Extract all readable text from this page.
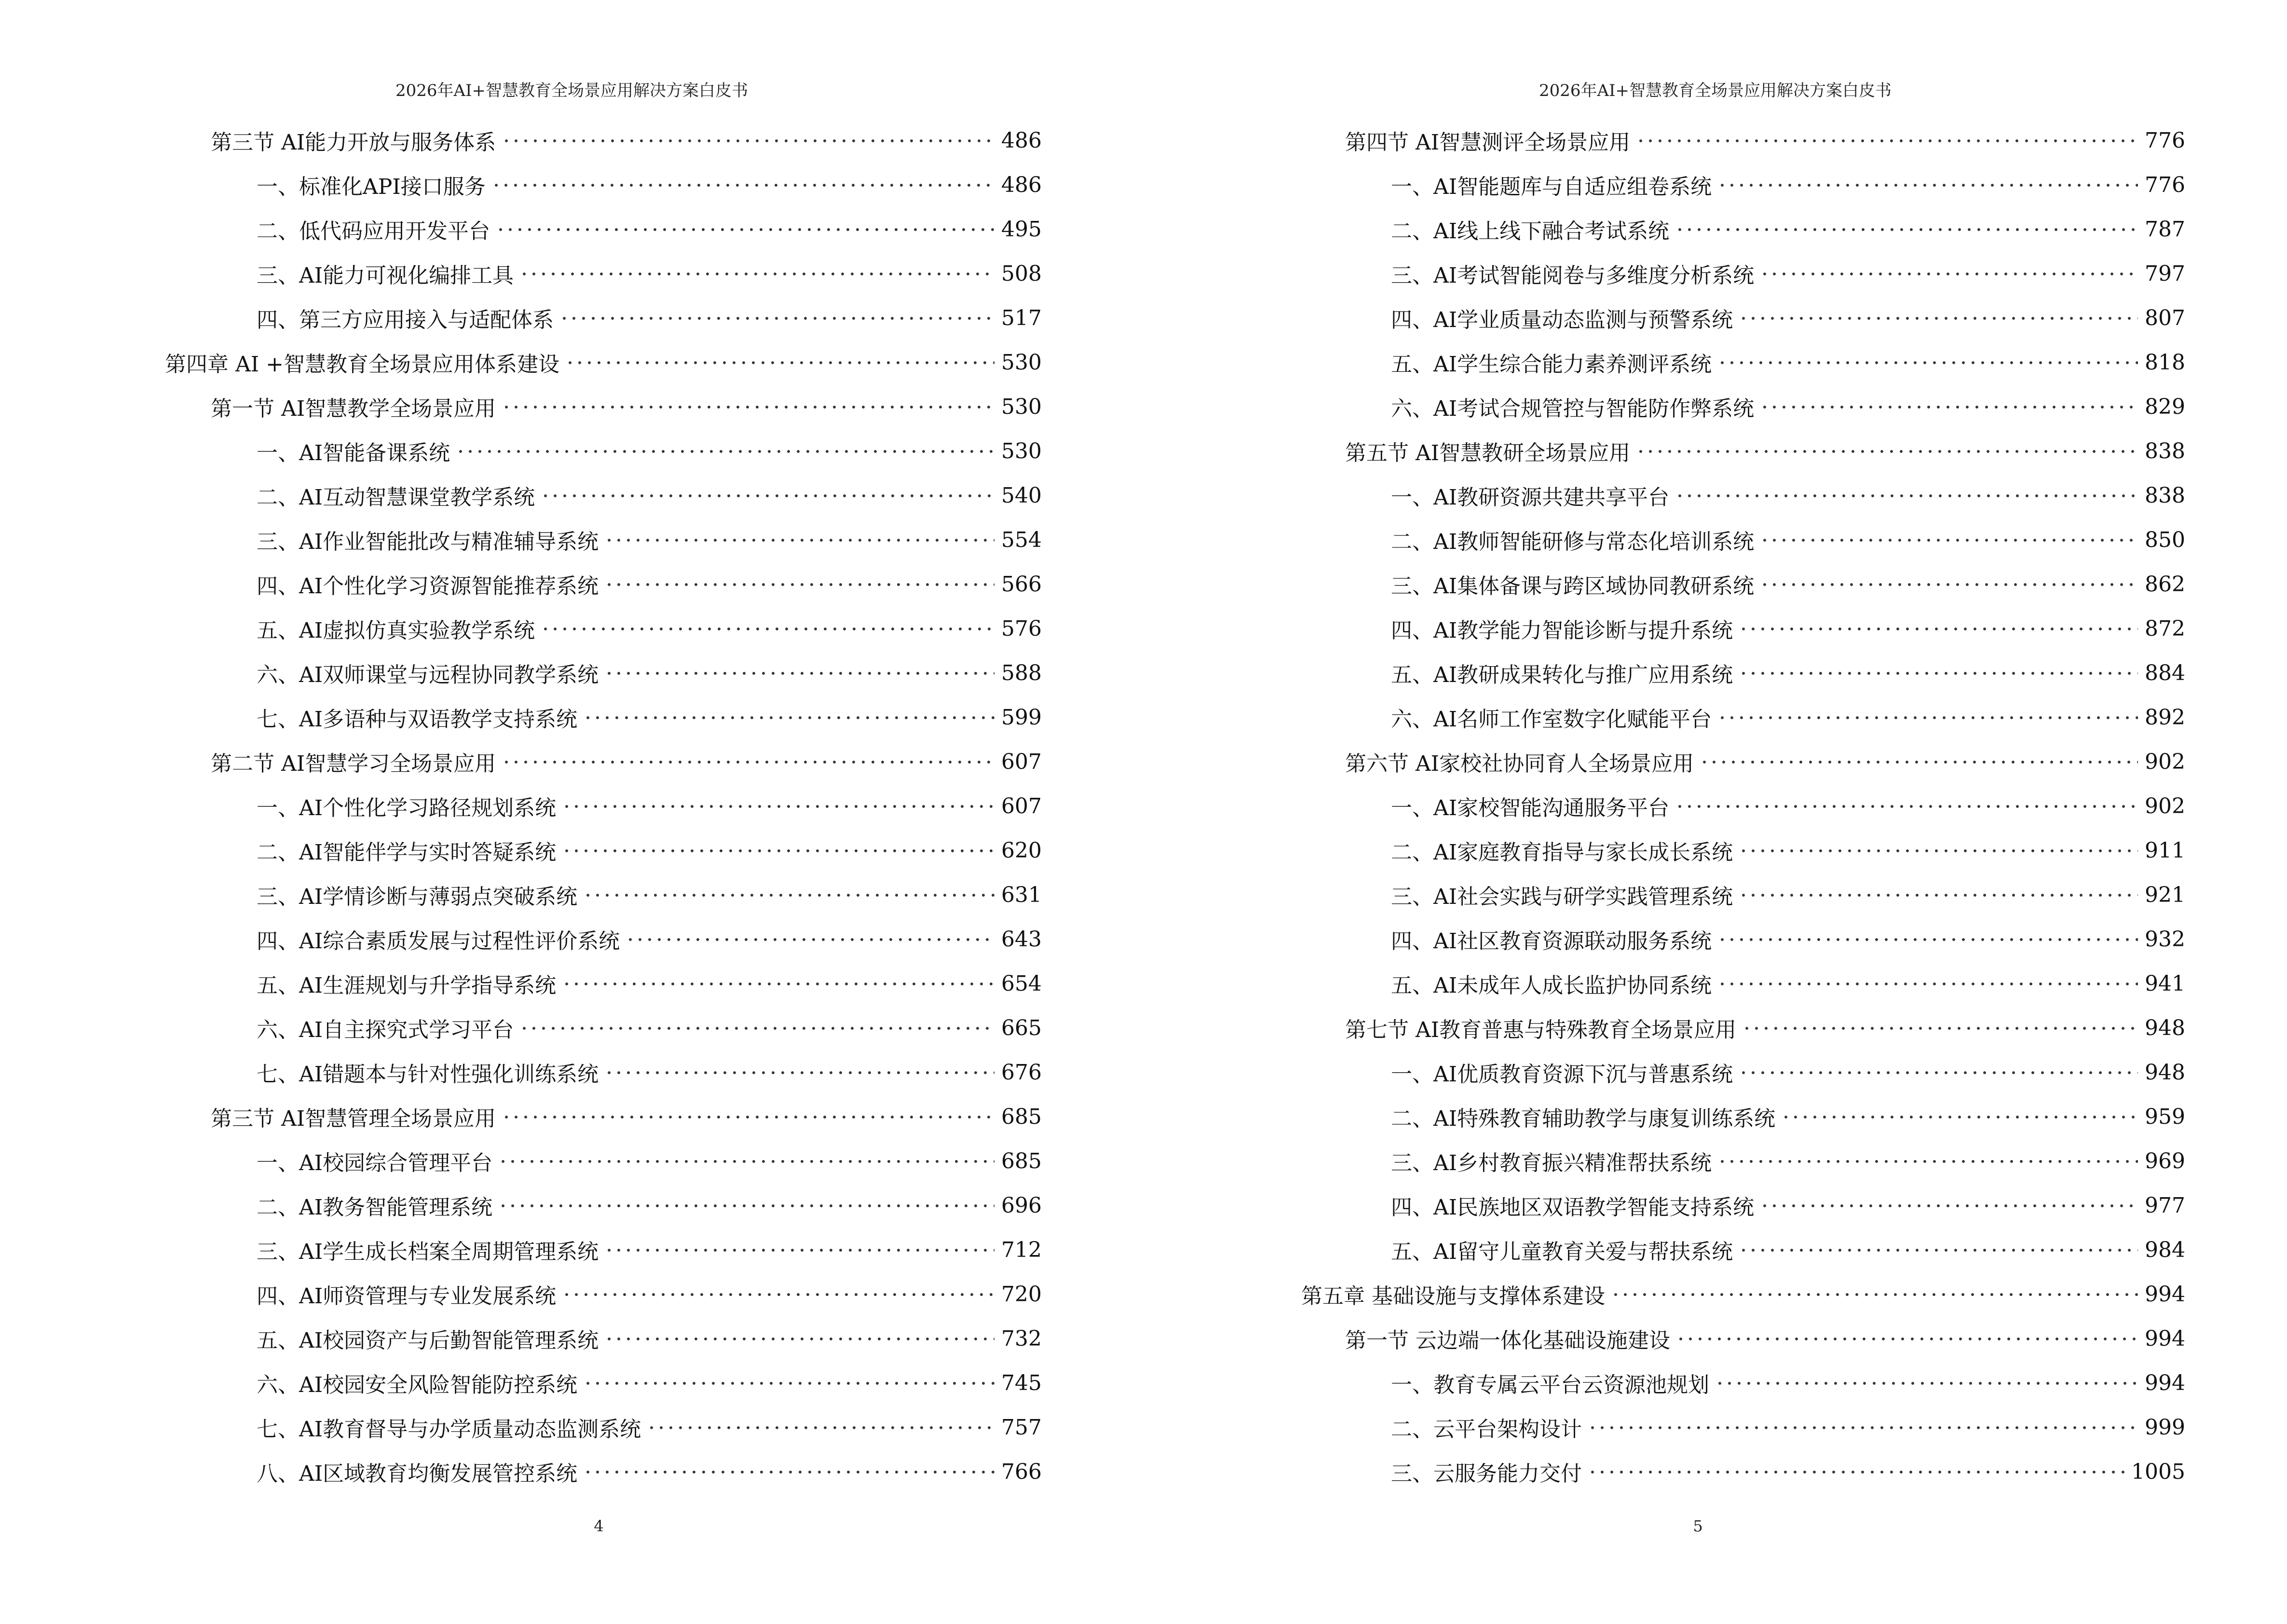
2026年AI+智慧教育全场景应用解决方案白皮书
第三节 AI能力开放与服务体系	486
一、标准化API接口服务	486
二、低代码应用开发平台	495
三、AI能力可视化编排工具	508
四、第三方应用接入与适配体系	517
第四章 AI +智慧教育全场景应用体系建设	530
第一节 AI智慧教学全场景应用	530
一、AI智能备课系统	530
二、AI互动智慧课堂教学系统	540
三、AI作业智能批改与精准辅导系统	554
四、AI个性化学习资源智能推荐系统	566
五、AI虚拟仿真实验教学系统	576
六、AI双师课堂与远程协同教学系统	588
七、AI多语种与双语教学支持系统	599
第二节 AI智慧学习全场景应用	607
一、AI个性化学习路径规划系统	607
二、AI智能伴学与实时答疑系统	620
三、AI学情诊断与薄弱点突破系统	631
四、AI综合素质发展与过程性评价系统	643
五、AI生涯规划与升学指导系统	654
六、AI自主探究式学习平台	665
七、AI错题本与针对性强化训练系统	676
第三节 AI智慧管理全场景应用	685
一、AI校园综合管理平台	685
二、AI教务智能管理系统	696
三、AI学生成长档案全周期管理系统	712
四、AI师资管理与专业发展系统	720
五、AI校园资产与后勤智能管理系统	732
六、AI校园安全风险智能防控系统	745
七、AI教育督导与办学质量动态监测系统	757
八、AI区域教育均衡发展管控系统	766
4
2026年AI+智慧教育全场景应用解决方案白皮书
第四节 AI智慧测评全场景应用	776
一、AI智能题库与自适应组卷系统	776
二、AI线上线下融合考试系统	787
三、AI考试智能阅卷与多维度分析系统	797
四、AI学业质量动态监测与预警系统	807
五、AI学生综合能力素养测评系统	818
六、AI考试合规管控与智能防作弊系统	829
第五节 AI智慧教研全场景应用	838
一、AI教研资源共建共享平台	838
二、AI教师智能研修与常态化培训系统	850
三、AI集体备课与跨区域协同教研系统	862
四、AI教学能力智能诊断与提升系统	872
五、AI教研成果转化与推广应用系统	884
六、AI名师工作室数字化赋能平台	892
第六节 AI家校社协同育人全场景应用	902
一、AI家校智能沟通服务平台	902
二、AI家庭教育指导与家长成长系统	911
三、AI社会实践与研学实践管理系统	921
四、AI社区教育资源联动服务系统	932
五、AI未成年人成长监护协同系统	941
第七节 AI教育普惠与特殊教育全场景应用	948
一、AI优质教育资源下沉与普惠系统	948
二、AI特殊教育辅助教学与康复训练系统	959
三、AI乡村教育振兴精准帮扶系统	969
四、AI民族地区双语教学智能支持系统	977
五、AI留守儿童教育关爱与帮扶系统	984
第五章 基础设施与支撑体系建设	994
第一节 云边端一体化基础设施建设	994
一、教育专属云平台云资源池规划	994
二、云平台架构设计	999
三、云服务能力交付	1005
5
